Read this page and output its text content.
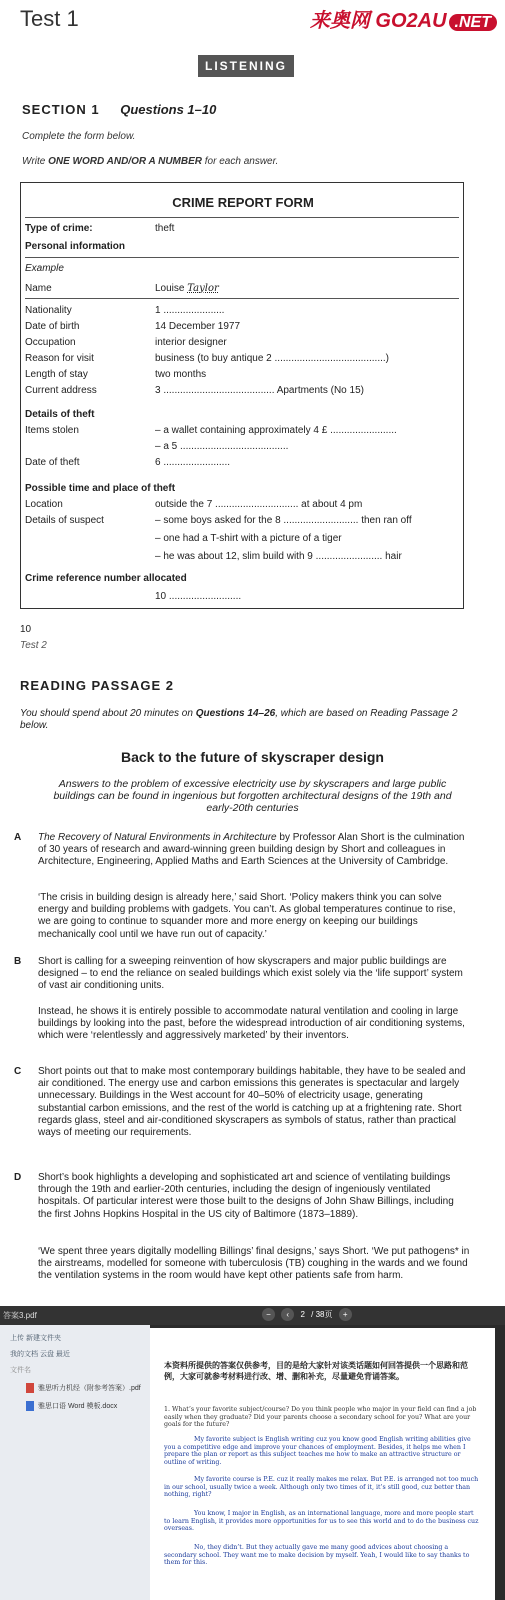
Test 1	来奥网 GO2AU .NET
LISTENING
SECTION 1 Questions 1–10
Complete the form below.
Write ONE WORD AND/OR A NUMBER for each answer.
CRIME REPORT FORM
Type of crime:	theft
Personal information
Example
Name	Louise Taylor
Nationality	1 ......................
Date of birth	14 December 1977
Occupation	interior designer
Reason for visit	business (to buy antique 2 ........................................)
Length of stay	two months
Current address	3 ........................................ Apartments (No 15)
Details of theft
Items stolen	– a wallet containing approximately 4 £ ........................
– a 5 .......................................
Date of theft	6 ........................
Possible time and place of theft
Location	outside the 7 .............................. at about 4 pm
Details of suspect	– some boys asked for the 8 ........................... then ran off
– one had a T-shirt with a picture of a tiger
– he was about 12, slim build with 9 ........................ hair
Crime reference number allocated
10 ..........................
10
Test 2
READING PASSAGE 2
You should spend about 20 minutes on Questions 14–26, which are based on Reading Passage 2 below.
Back to the future of skyscraper design
Answers to the problem of excessive electricity use by skyscrapers and large public buildings can be found in ingenious but forgotten architectural designs of the 19th and early-20th centuries
A The Recovery of Natural Environments in Architecture by Professor Alan Short is the culmination of 30 years of research and award-winning green building design by Short and colleagues in Architecture, Engineering, Applied Maths and Earth Sciences at the University of Cambridge.
‘The crisis in building design is already here,’ said Short. ‘Policy makers think you can solve energy and building problems with gadgets. You can’t. As global temperatures continue to rise, we are going to continue to squander more and more energy on keeping our buildings mechanically cool until we have run out of capacity.’
B Short is calling for a sweeping reinvention of how skyscrapers and major public buildings are designed – to end the reliance on sealed buildings which exist solely via the ‘life support’ system of vast air conditioning units.
Instead, he shows it is entirely possible to accommodate natural ventilation and cooling in large buildings by looking into the past, before the widespread introduction of air conditioning systems, which were ‘relentlessly and aggressively marketed’ by their inventors.
C Short points out that to make most contemporary buildings habitable, they have to be sealed and air conditioned. The energy use and carbon emissions this generates is spectacular and largely unnecessary. Buildings in the West account for 40–50% of electricity usage, generating substantial carbon emissions, and the rest of the world is catching up at a frightening rate. Short regards glass, steel and air-conditioned skyscrapers as symbols of status, rather than practical ways of meeting our requirements.
D Short’s book highlights a developing and sophisticated art and science of ventilating buildings through the 19th and earlier-20th centuries, including the design of ingeniously ventilated hospitals. Of particular interest were those built to the designs of John Shaw Billings, including the first Johns Hopkins Hospital in the US city of Baltimore (1873–1889).
‘We spent three years digitally modelling Billings’ final designs,’ says Short. ‘We put pathogens* in the airstreams, modelled for someone with tuberculosis (TB) coughing in the wards and we found the ventilation systems in the room would have kept other patients safe from harm.
答案3.pdf	− ‹ 2 / 38页 +
上传 新建文件夹
我的文档 云盘 最近
文件名
雅思听力机经（附参考答案）.pdf
雅思口语 Word 模板.docx
本资料所提供的答案仅供参考，目的是给大家针对该类话题如何回答提供一个思路和范例，大家可就参考材料进行改、增、删和补充，尽量避免背诵答案。
1. What’s your favorite subject/course? Do you think people who major in your field can find a job easily when they graduate? Did your parents choose a secondary school for you? What are your goals for the future?
My favorite subject is English writing cuz you know good English writing abilities give you a competitive edge and improve your chances of employment. Besides, it helps me when I prepare the plan or report as this subject teaches me how to make an attractive structure or outline of writing.
My favorite course is P.E. cuz it really makes me relax. But P.E. is arranged not too much in our school, usually twice a week. Although only two times of it, it’s still good, cuz better than nothing, right?
You know, I major in English, as an international language, more and more people start to learn English, it provides more opportunities for us to see this world and to do the business cuz overseas.
No, they didn’t. But they actually gave me many good advices about choosing a secondary school. They want me to make decision by myself. Yeah, I would like to say thanks to them for this.
